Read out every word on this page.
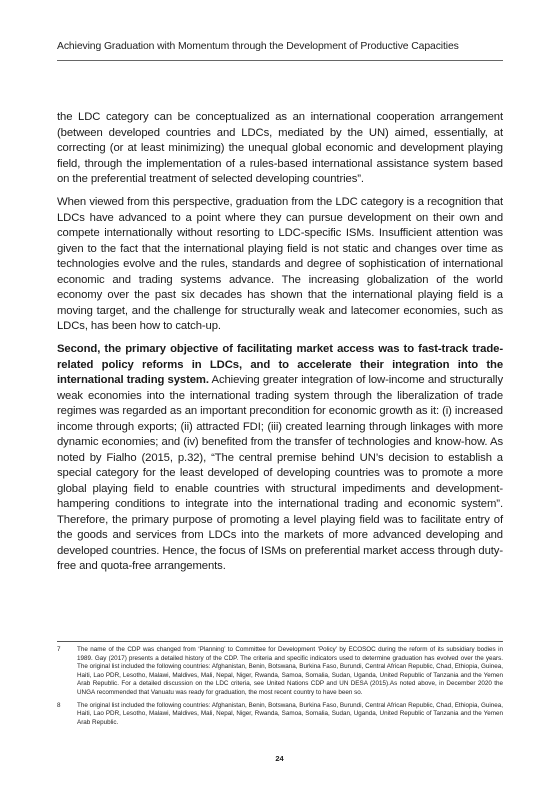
Achieving Graduation with Momentum through the Development of Productive Capacities

the LDC category can be conceptualized as an international cooperation arrangement (between developed countries and LDCs, mediated by the UN) aimed, essentially, at correcting (or at least minimizing) the unequal global economic and development playing field, through the implementation of a rules-based international assistance system based on the preferential treatment of selected developing countries”.

When viewed from this perspective, graduation from the LDC category is a recognition that LDCs have advanced to a point where they can pursue development on their own and compete internationally without resorting to LDC-specific ISMs. Insufficient attention was given to the fact that the international playing field is not static and changes over time as technologies evolve and the rules, standards and degree of sophistication of international economic and trading systems advance. The increasing globalization of the world economy over the past six decades has shown that the international playing field is a moving target, and the challenge for structurally weak and latecomer economies, such as LDCs, has been how to catch-up.

Second, the primary objective of facilitating market access was to fast-track trade-related policy reforms in LDCs, and to accelerate their integration into the international trading system. Achieving greater integration of low-income and structurally weak economies into the international trading system through the liberalization of trade regimes was regarded as an important precondition for economic growth as it: (i) increased income through exports; (ii) attracted FDI; (iii) created learning through linkages with more dynamic economies; and (iv) benefited from the transfer of technologies and know-how. As noted by Fialho (2015, p.32), “The central premise behind UN’s decision to establish a special category for the least developed of developing countries was to promote a more global playing field to enable countries with structural impediments and development-hampering conditions to integrate into the international trading and economic system”. Therefore, the primary purpose of promoting a level playing field was to facilitate entry of the goods and services from LDCs into the markets of more advanced developing and developed countries. Hence, the focus of ISMs on preferential market access through duty-free and quota-free arrangements.

7	The name of the CDP was changed from ‘Planning’ to Committee for Development ‘Policy’ by ECOSOC during the reform of its subsidiary bodies in 1989. Gay (2017) presents a detailed history of the CDP. The criteria and specific indicators used to determine graduation has evolved over the years. The original list included the following countries: Afghanistan, Benin, Botswana, Burkina Faso, Burundi, Central African Republic, Chad, Ethiopia, Guinea, Haiti, Lao PDR, Lesotho, Malawi, Maldives, Mali, Nepal, Niger, Rwanda, Samoa, Somalia, Sudan, Uganda, United Republic of Tanzania and the Yemen Arab Republic. For a detailed discussion on the LDC criteria, see United Nations CDP and UN DESA (2015).As noted above, in December 2020 the UNGA recommended that Vanuatu was ready for graduation, the most recent country to have been so.
8	The original list included the following countries: Afghanistan, Benin, Botswana, Burkina Faso, Burundi, Central African Republic, Chad, Ethiopia, Guinea, Haiti, Lao PDR, Lesotho, Malawi, Maldives, Mali, Nepal, Niger, Rwanda, Samoa, Somalia, Sudan, Uganda, United Republic of Tanzania and the Yemen Arab Republic.
24
